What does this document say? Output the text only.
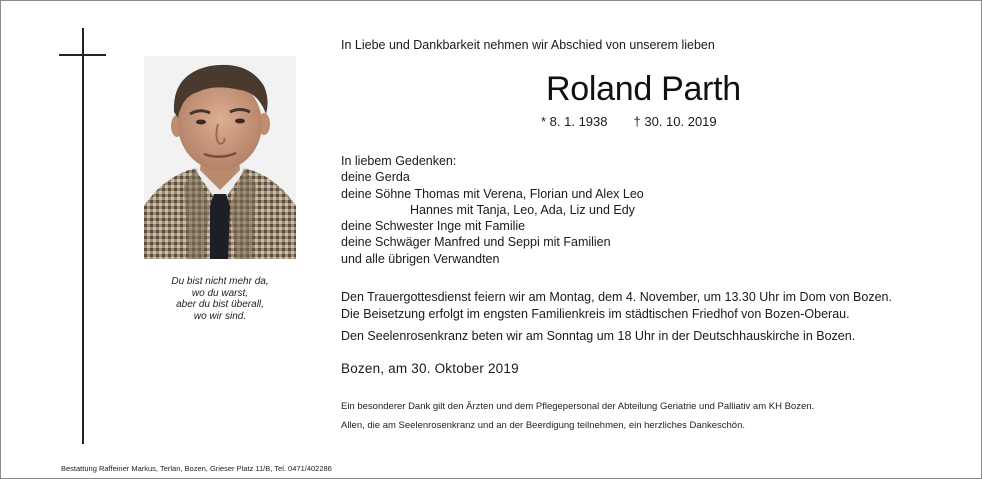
Du bist nicht mehr da,
wo du warst,
aber du bist überall,
wo wir sind.
In Liebe und Dankbarkeit nehmen wir Abschied von unserem lieben
Roland Parth
* 8. 1. 1938 † 30. 10. 2019
In liebem Gedenken:
deine Gerda
deine Söhne Thomas mit Verena, Florian und Alex Leo
Hannes mit Tanja, Leo, Ada, Liz und Edy
deine Schwester Inge mit Familie
deine Schwäger Manfred und Seppi mit Familien
und alle übrigen Verwandten
Den Trauergottesdienst feiern wir am Montag, dem 4. November, um 13.30 Uhr im Dom von Bozen.
Die Beisetzung erfolgt im engsten Familienkreis im städtischen Friedhof von Bozen-Oberau.
Den Seelenrosenkranz beten wir am Sonntag um 18 Uhr in der Deutschhauskirche in Bozen.
Bozen, am 30. Oktober 2019
Ein besonderer Dank gilt den Ärzten und dem Pflegepersonal der Abteilung Geriatrie und Palliativ am KH Bozen.
Allen, die am Seelenrosenkranz und an der Beerdigung teilnehmen, ein herzliches Dankeschön.
Bestattung Raffeiner Markus, Terlan, Bozen, Grieser Platz 11/B, Tel. 0471/402286
